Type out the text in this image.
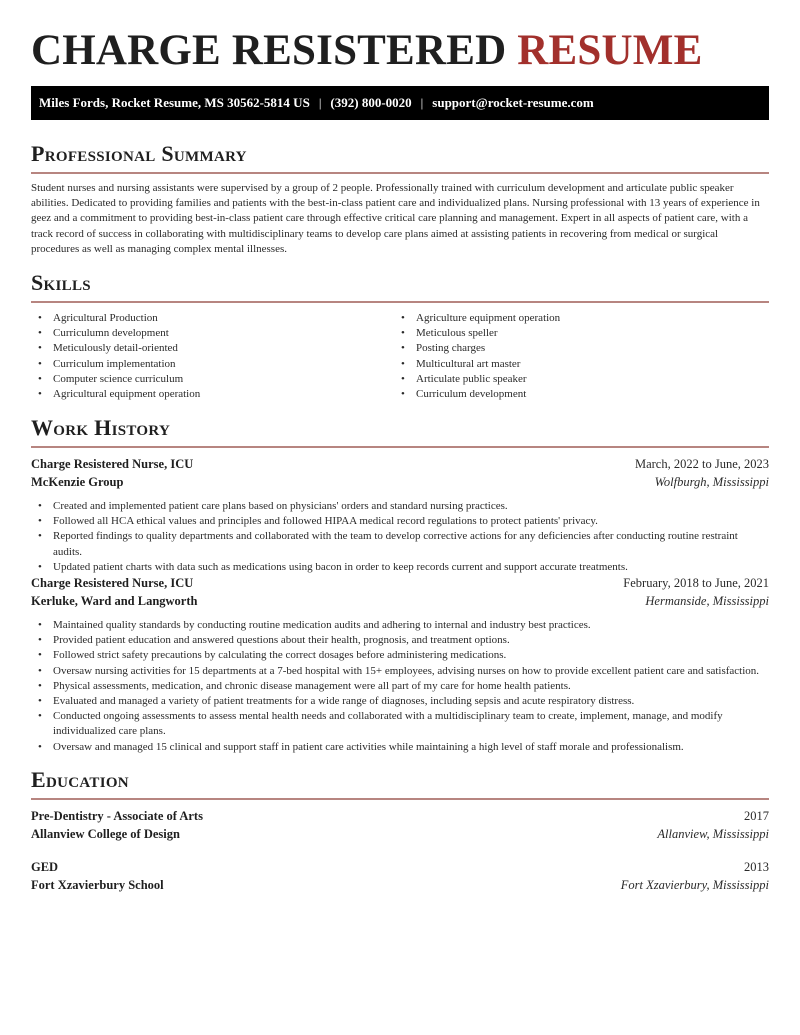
CHARGE RESISTERED RESUME
Miles Fords, Rocket Resume, MS 30562-5814 US | (392) 800-0020 | support@rocket-resume.com
Professional Summary

Student nurses and nursing assistants were supervised by a group of 2 people. Professionally trained with curriculum development and articulate public speaker abilities. Dedicated to providing families and patients with the best-in-class patient care and individualized plans. Nursing professional with 13 years of experience in geez and a commitment to providing best-in-class patient care through effective critical care planning and management. Expert in all aspects of patient care, with a track record of success in collaborating with multidisciplinary teams to develop care plans aimed at assisting patients in recovering from medical or surgical procedures as well as managing complex mental illnesses.

Skills
• Agricultural Production
• Curriculumn development
• Meticulously detail-oriented
• Curriculum implementation
• Computer science curriculum
• Agricultural equipment operation
• Agriculture equipment operation
• Meticulous speller
• Posting charges
• Multicultural art master
• Articulate public speaker
• Curriculum development
Work History
Charge Resistered Nurse, ICU	March, 2022 to June, 2023
McKenzie Group	Wolfburgh, Mississippi
• Created and implemented patient care plans based on physicians' orders and standard nursing practices.
• Followed all HCA ethical values and principles and followed HIPAA medical record regulations to protect patients' privacy.
• Reported findings to quality departments and collaborated with the team to develop corrective actions for any deficiencies after conducting routine restraint audits.
• Updated patient charts with data such as medications using bacon in order to keep records current and support accurate treatments.
Charge Resistered Nurse, ICU	February, 2018 to June, 2021
Kerluke, Ward and Langworth	Hermanside, Mississippi
• Maintained quality standards by conducting routine medication audits and adhering to internal and industry best practices.
• Provided patient education and answered questions about their health, prognosis, and treatment options.
• Followed strict safety precautions by calculating the correct dosages before administering medications.
• Oversaw nursing activities for 15 departments at a 7-bed hospital with 15+ employees, advising nurses on how to provide excellent patient care and satisfaction.
• Physical assessments, medication, and chronic disease management were all part of my care for home health patients.
• Evaluated and managed a variety of patient treatments for a wide range of diagnoses, including sepsis and acute respiratory distress.
• Conducted ongoing assessments to assess mental health needs and collaborated with a multidisciplinary team to create, implement, manage, and modify individualized care plans.
• Oversaw and managed 15 clinical and support staff in patient care activities while maintaining a high level of staff morale and professionalism.
Education
Pre-Dentistry - Associate of Arts	2017
Allanview College of Design	Allanview, Mississippi
GED	2013
Fort Xzavierbury School	Fort Xzavierbury, Mississippi
